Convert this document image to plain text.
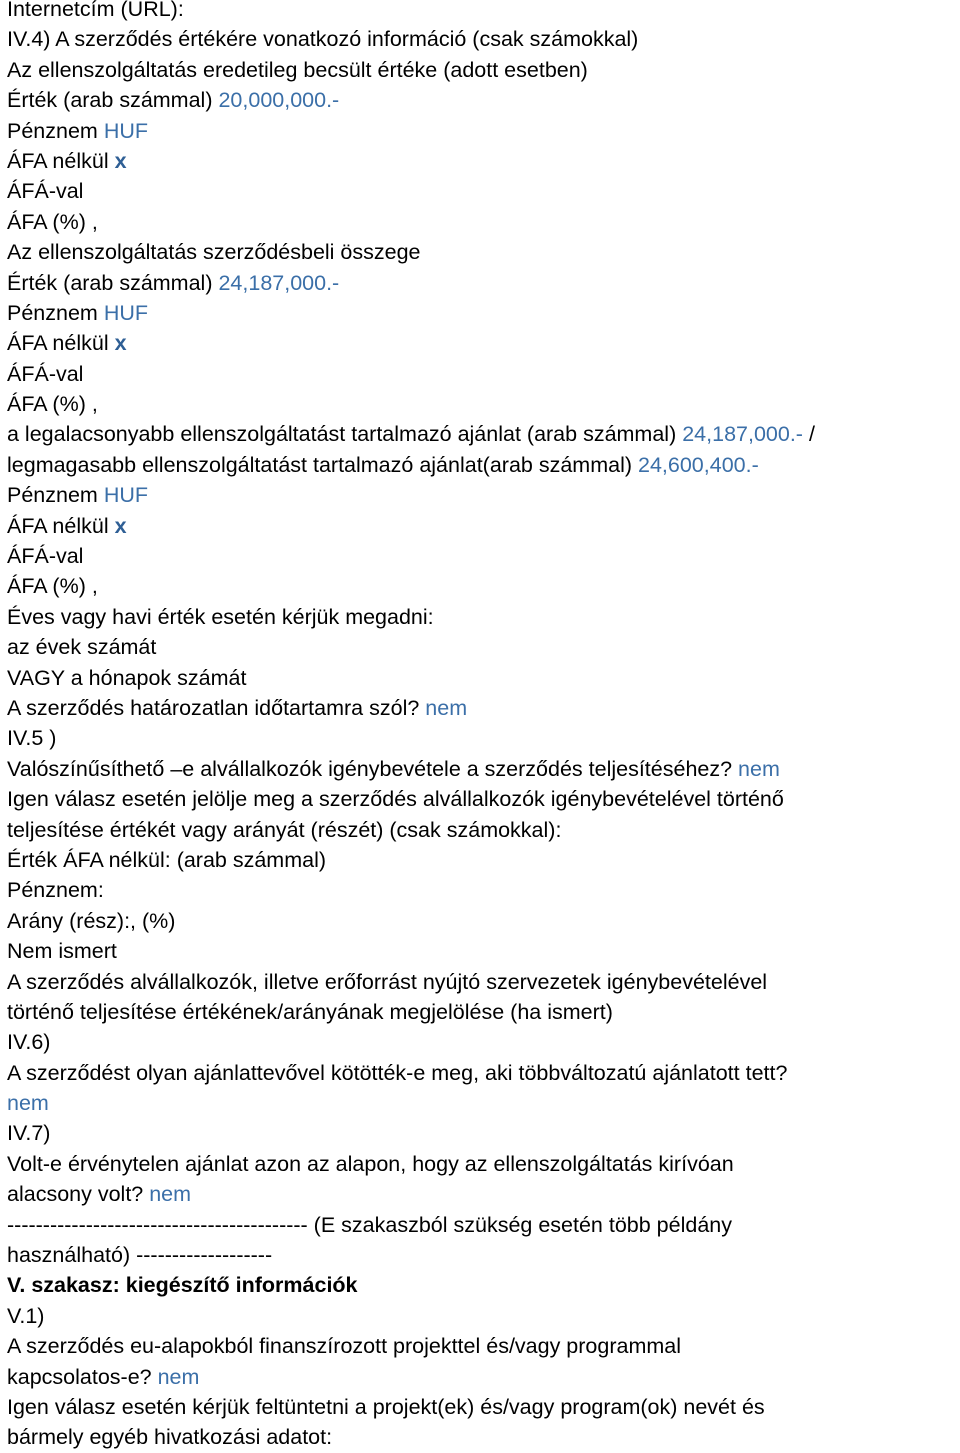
Internetcím (URL):
IV.4) A szerződés értékére vonatkozó információ (csak számokkal)
Az ellenszolgáltatás eredetileg becsült értéke (adott esetben)
Érték (arab számmal) 20,000,000.-
Pénznem HUF
ÁFA nélkül x
ÁFÁ-val
ÁFA (%) ,
Az ellenszolgáltatás szerződésbeli összege
Érték (arab számmal) 24,187,000.-
Pénznem HUF
ÁFA nélkül x
ÁFÁ-val
ÁFA (%) ,
a legalacsonyabb ellenszolgáltatást tartalmazó ajánlat (arab számmal) 24,187,000.- /
legmagasabb ellenszolgáltatást tartalmazó ajánlat(arab számmal) 24,600,400.-
Pénznem HUF
ÁFA nélkül x
ÁFÁ-val
ÁFA (%) ,
Éves vagy havi érték esetén kérjük megadni:
az évek számát
VAGY a hónapok számát
A szerződés határozatlan időtartamra szól? nem
IV.5 )
Valószínűsíthető –e alvállalkozók igénybevétele a szerződés teljesítéséhez? nem
Igen válasz esetén jelölje meg a szerződés alvállalkozók igénybevételével történő
teljesítése értékét vagy arányát (részét) (csak számokkal):
Érték ÁFA nélkül: (arab számmal)
Pénznem:
Arány (rész):, (%)
Nem ismert
A szerződés alvállalkozók, illetve erőforrást nyújtó szervezetek igénybevételével
történő teljesítése értékének/arányának megjelölése (ha ismert)
IV.6)
A szerződést olyan ajánlattevővel kötötték-e meg, aki többváltozatú ajánlatott tett?
nem
IV.7)
Volt-e érvénytelen ajánlat azon az alapon, hogy az ellenszolgáltatás kirívóan
alacsony volt? nem
------------------------------------------ (E szakaszból szükség esetén több példány
használható) -------------------
V. szakasz: kiegészítő információk
V.1)
A szerződés eu-alapokból finanszírozott projekttel és/vagy programmal
kapcsolatos-e? nem
Igen válasz esetén kérjük feltüntetni a projekt(ek) és/vagy program(ok) nevét és
bármely egyéb hivatkozási adatot:
